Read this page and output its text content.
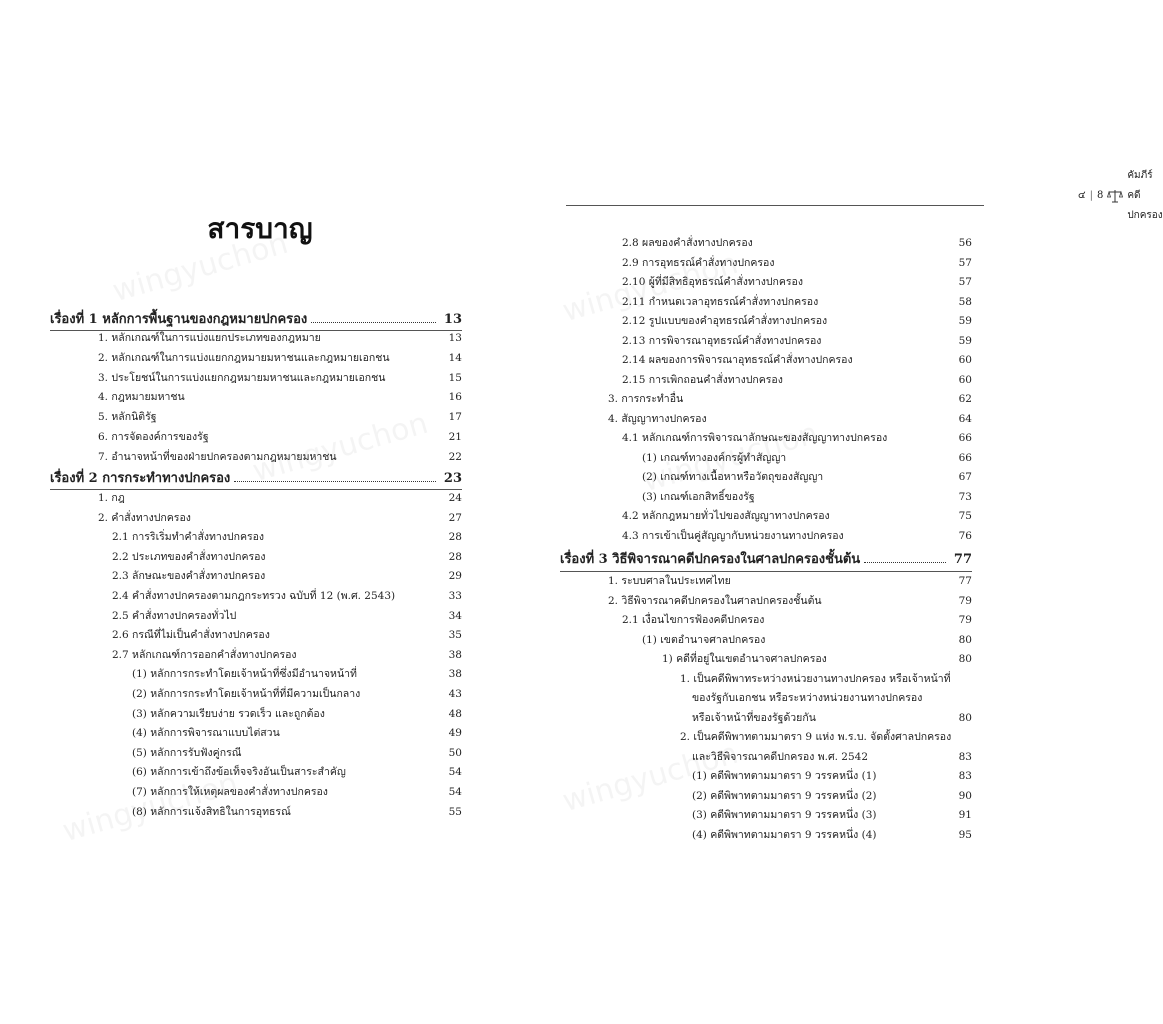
สารบาญ
เรื่องที่ 1 หลักการพื้นฐานของกฎหมายปกครอง	13
1. หลักเกณฑ์ในการแบ่งแยกประเภทของกฎหมาย	13
2. หลักเกณฑ์ในการแบ่งแยกกฎหมายมหาชนและกฎหมายเอกชน	14
3. ประโยชน์ในการแบ่งแยกกฎหมายมหาชนและกฎหมายเอกชน	15
4. กฎหมายมหาชน	16
5. หลักนิติรัฐ	17
6. การจัดองค์การของรัฐ	21
7. อำนาจหน้าที่ของฝ่ายปกครองตามกฎหมายมหาชน	22
เรื่องที่ 2 การกระทำทางปกครอง	23
1. กฎ	24
2. คำสั่งทางปกครอง	27
2.1 การริเริ่มทำคำสั่งทางปกครอง	28
2.2 ประเภทของคำสั่งทางปกครอง	28
2.3 ลักษณะของคำสั่งทางปกครอง	29
2.4 คำสั่งทางปกครองตามกฎกระทรวง ฉบับที่ 12 (พ.ศ. 2543)	33
2.5 คำสั่งทางปกครองทั่วไป	34
2.6 กรณีที่ไม่เป็นคำสั่งทางปกครอง	35
2.7 หลักเกณฑ์การออกคำสั่งทางปกครอง	38
(1) หลักการกระทำโดยเจ้าหน้าที่ซึ่งมีอำนาจหน้าที่	38
(2) หลักการกระทำโดยเจ้าหน้าที่ที่มีความเป็นกลาง	43
(3) หลักความเรียบง่าย รวดเร็ว และถูกต้อง	48
(4) หลักการพิจารณาแบบไต่สวน	49
(5) หลักการรับฟังคู่กรณี	50
(6) หลักการเข้าถึงข้อเท็จจริงอันเป็นสาระสำคัญ	54
(7) หลักการให้เหตุผลของคำสั่งทางปกครอง	54
(8) หลักการแจ้งสิทธิในการอุทธรณ์	55
๔ | 8
คัมภีร์คดีปกครอง
2.8 ผลของคำสั่งทางปกครอง	56
2.9 การอุทธรณ์คำสั่งทางปกครอง	57
2.10 ผู้ที่มีสิทธิอุทธรณ์คำสั่งทางปกครอง	57
2.11 กำหนดเวลาอุทธรณ์คำสั่งทางปกครอง	58
2.12 รูปแบบของคำอุทธรณ์คำสั่งทางปกครอง	59
2.13 การพิจารณาอุทธรณ์คำสั่งทางปกครอง	59
2.14 ผลของการพิจารณาอุทธรณ์คำสั่งทางปกครอง	60
2.15 การเพิกถอนคำสั่งทางปกครอง	60
3. การกระทำอื่น	62
4. สัญญาทางปกครอง	64
4.1 หลักเกณฑ์การพิจารณาลักษณะของสัญญาทางปกครอง	66
(1) เกณฑ์ทางองค์กรผู้ทำสัญญา	66
(2) เกณฑ์ทางเนื้อหาหรือวัตถุของสัญญา	67
(3) เกณฑ์เอกสิทธิ์ของรัฐ	73
4.2 หลักกฎหมายทั่วไปของสัญญาทางปกครอง	75
4.3 การเข้าเป็นคู่สัญญากับหน่วยงานทางปกครอง	76
เรื่องที่ 3 วิธีพิจารณาคดีปกครองในศาลปกครองชั้นต้น	77
1. ระบบศาลในประเทศไทย	77
2. วิธีพิจารณาคดีปกครองในศาลปกครองชั้นต้น	79
2.1 เงื่อนไขการฟ้องคดีปกครอง	79
(1) เขตอำนาจศาลปกครอง	80
1) คดีที่อยู่ในเขตอำนาจศาลปกครอง	80
1. เป็นคดีพิพาทระหว่างหน่วยงานทางปกครอง หรือเจ้าหน้าที่
ของรัฐกับเอกชน หรือระหว่างหน่วยงานทางปกครอง
หรือเจ้าหน้าที่ของรัฐด้วยกัน	80
2. เป็นคดีพิพาทตามมาตรา 9 แห่ง พ.ร.บ. จัดตั้งศาลปกครอง
และวิธีพิจารณาคดีปกครอง พ.ศ. 2542	83
(1) คดีพิพาทตามมาตรา 9 วรรคหนึ่ง (1)	83
(2) คดีพิพาทตามมาตรา 9 วรรคหนึ่ง (2)	90
(3) คดีพิพาทตามมาตรา 9 วรรคหนึ่ง (3)	91
(4) คดีพิพาทตามมาตรา 9 วรรคหนึ่ง (4)	95
